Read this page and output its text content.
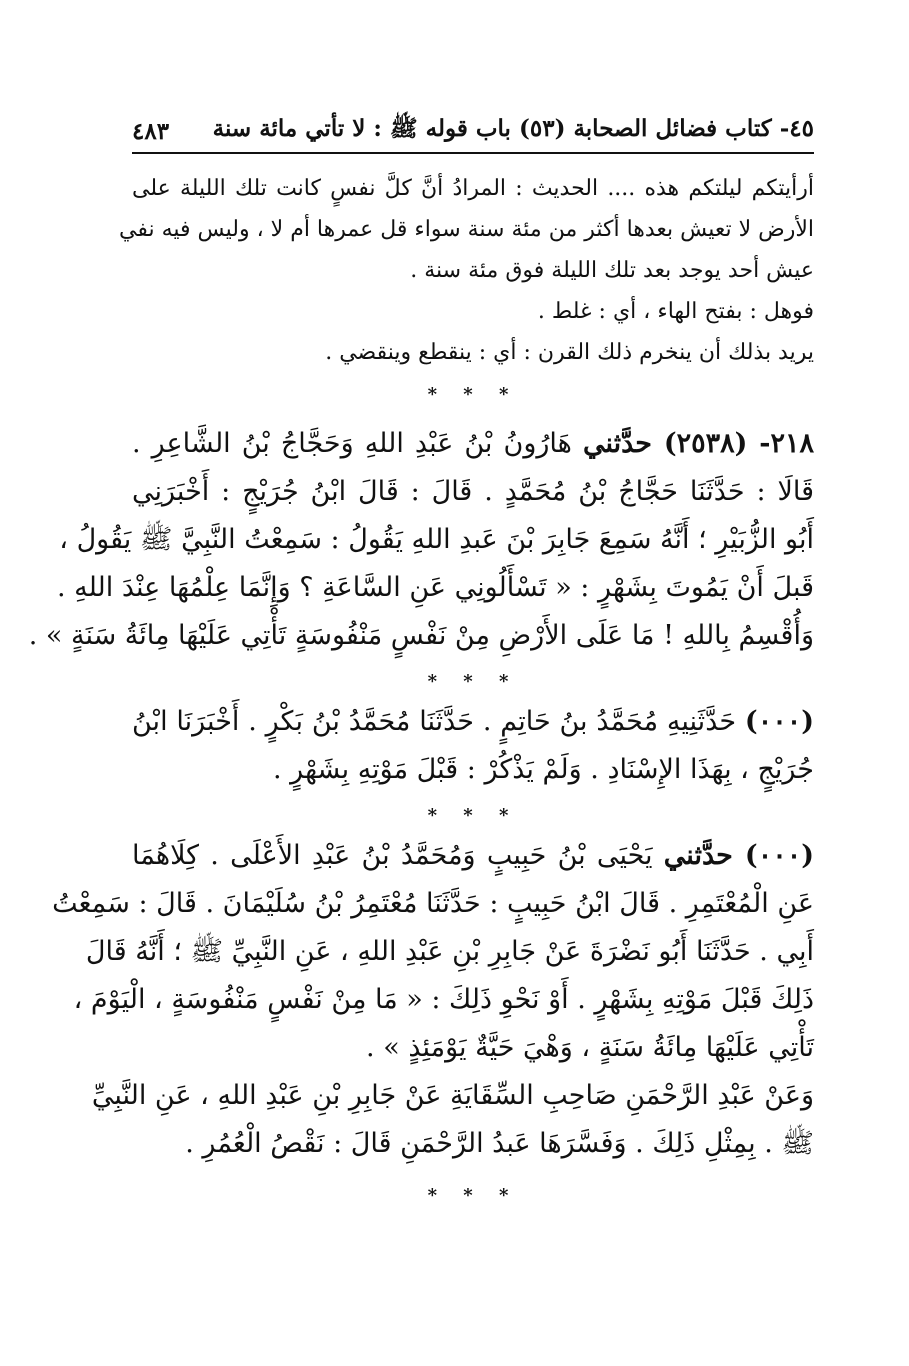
٤٥- كتاب فضائل الصحابة (٥٣) باب قوله ﷺ : لا تأتي مائة سنة
٤٨٣
أرأيتكم ليلتكم هذه .... الحديث : المرادُ أنَّ كلَّ نفسٍ كانت تلك الليلة على
الأرض لا تعيش بعدها أكثر من مئة سنة سواء قل عمرها أم لا ، وليس فيه نفي
عيش أحد يوجد بعد تلك الليلة فوق مئة سنة .
فوهل : بفتح الهاء ، أي : غلط .
يريد بذلك أن ينخرم ذلك القرن : أي : ينقطع وينقضي .
* * *
٢١٨- (٢٥٣٨) حدَّثني هَارُونُ بْنُ عَبْدِ اللهِ وَحَجَّاجُ بْنُ الشَّاعِرِ .
قَالَا : حَدَّثَنَا حَجَّاجُ بْنُ مُحَمَّدٍ . قَالَ : قَالَ ابْنُ جُرَيْجٍ : أَخْبَرَنِي
أَبُو الزُّبَيْرِ ؛ أَنَّهُ سَمِعَ جَابِرَ بْنَ عَبدِ اللهِ يَقُولُ : سَمِعْتُ النَّبِيَّ ﷺ يَقُولُ ،
قَبلَ أَنْ يَمُوتَ بِشَهْرٍ : « تَسْأَلُونِي عَنِ السَّاعَةِ ؟ وَإِنَّمَا عِلْمُهَا عِنْدَ اللهِ .
وَأُقْسِمُ بِاللهِ ! مَا عَلَى الأَرْضِ مِنْ نَفْسٍ مَنْفُوسَةٍ تَأْتِي عَلَيْهَا مِائَةُ سَنَةٍ » .
* * *
(٠٠٠) حَدَّثَنِيهِ مُحَمَّدُ بنُ حَاتِمٍ . حَدَّثَنَا مُحَمَّدُ بْنُ بَكْرٍ . أَخْبَرَنَا ابْنُ
جُرَيْجٍ ، بِهَذَا الإِسْنَادِ . وَلَمْ يَذْكُرْ : قَبْلَ مَوْتِهِ بِشَهْرٍ .
* * *
(٠٠٠) حدَّثني يَحْيَى بْنُ حَبِيبٍ وَمُحَمَّدُ بْنُ عَبْدِ الأَعْلَى . كِلَاهُمَا
عَنِ الْمُعْتَمِرِ . قَالَ ابْنُ حَبِيبٍ : حَدَّثَنَا مُعْتَمِرُ بْنُ سُلَيْمَانَ . قَالَ : سَمِعْتُ
أَبِي . حَدَّثَنَا أَبُو نَضْرَةَ عَنْ جَابِرِ بْنِ عَبْدِ اللهِ ، عَنِ النَّبِيِّ ﷺ ؛ أَنَّهُ قَالَ
ذَلِكَ قَبْلَ مَوْتِهِ بِشَهْرٍ . أَوْ نَحْوِ ذَلِكَ : « مَا مِنْ نَفْسٍ مَنْفُوسَةٍ ، الْيَوْمَ ،
تَأْتِي عَلَيْهَا مِائَةُ سَنَةٍ ، وَهْيَ حَيَّةٌ يَوْمَئِذٍ » .
وَعَنْ عَبْدِ الرَّحْمَنِ صَاحِبِ السِّقَايَةِ عَنْ جَابِرِ بْنِ عَبْدِ اللهِ ، عَنِ النَّبِيِّ
ﷺ . بِمِثْلِ ذَلِكَ . وَفَسَّرَهَا عَبدُ الرَّحْمَنِ قَالَ : نَقْصُ الْعُمُرِ .
* * *
